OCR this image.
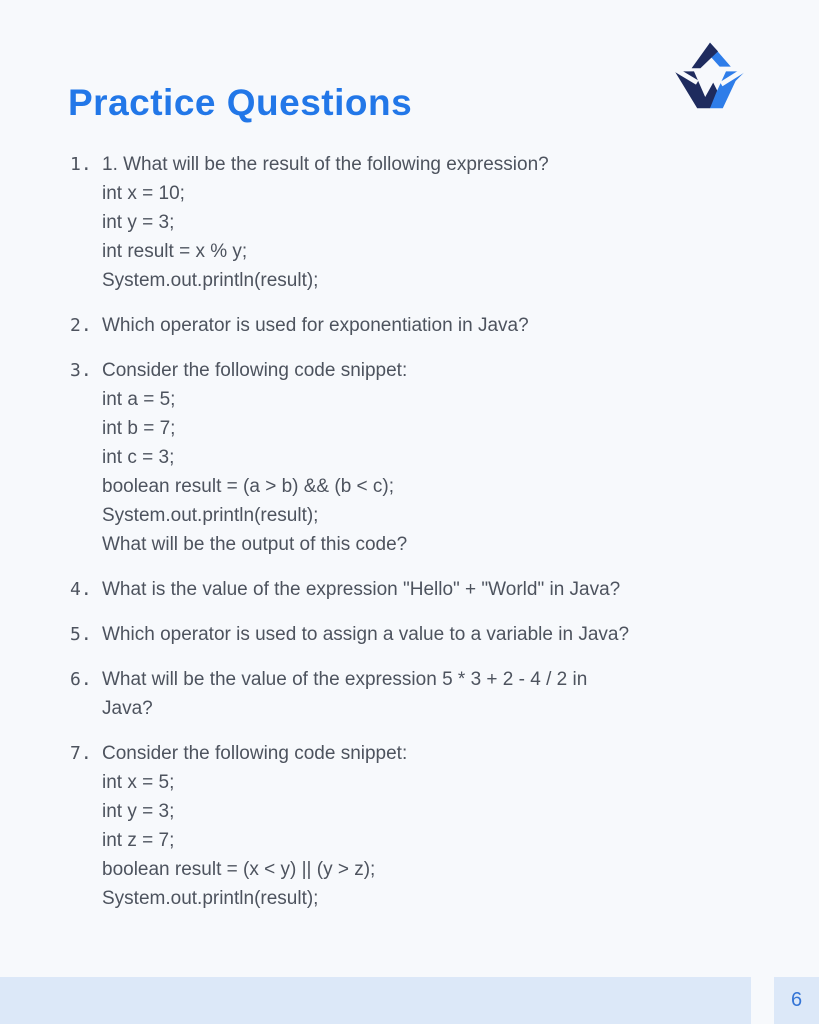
Practice Questions
1. 1. What will be the result of the following expression?
int x = 10;
int y = 3;
int result = x % y;
System.out.println(result);
2. Which operator is used for exponentiation in Java?
3. Consider the following code snippet:
int a = 5;
int b = 7;
int c = 3;
boolean result = (a > b) && (b < c);
System.out.println(result);
What will be the output of this code?
4. What is the value of the expression "Hello" + "World" in Java?
5. Which operator is used to assign a value to a variable in Java?
6. What will be the value of the expression 5 * 3 + 2 - 4 / 2 in
Java?
7. Consider the following code snippet:
int x = 5;
int y = 3;
int z = 7;
boolean result = (x < y) || (y > z);
System.out.println(result);
6
